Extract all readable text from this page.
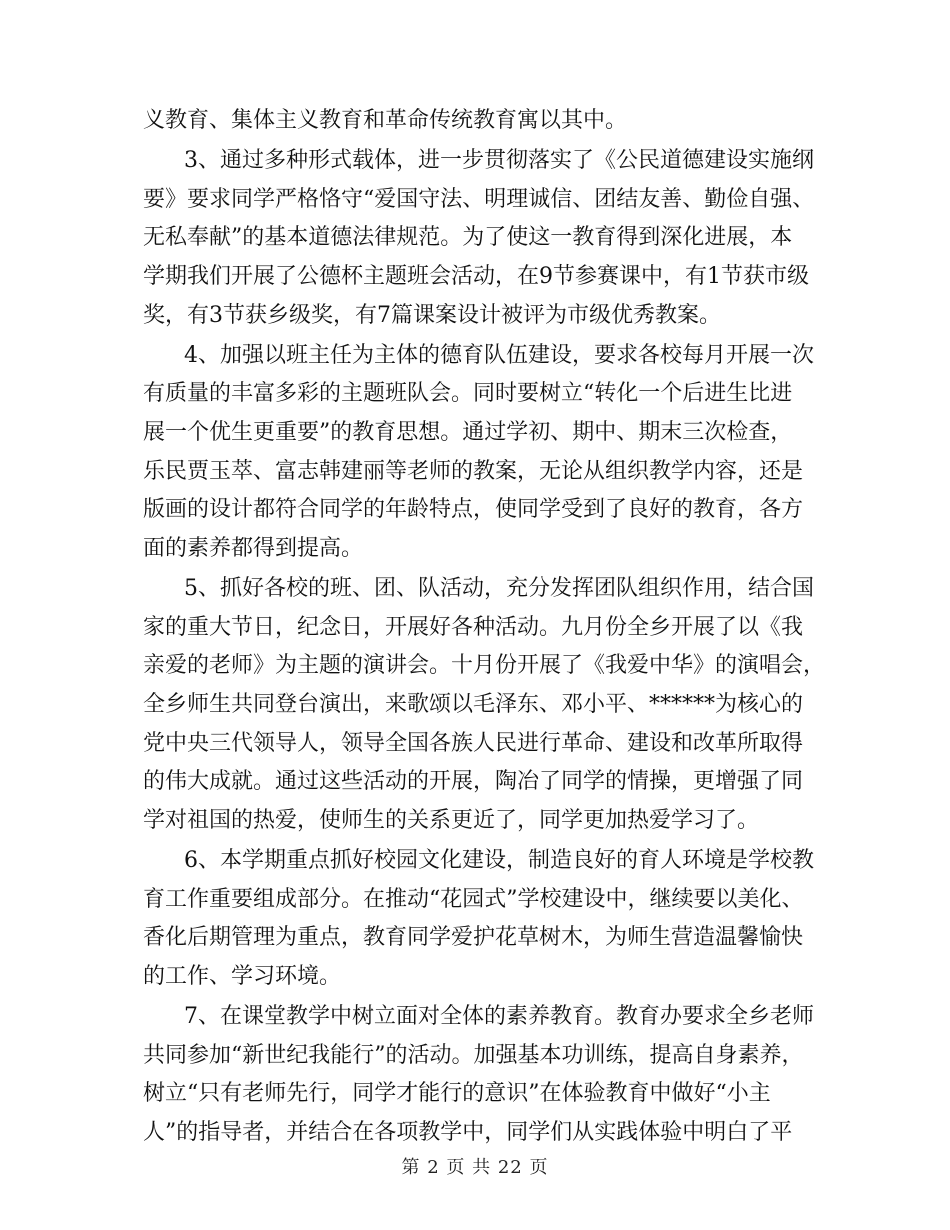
义教育、集体主义教育和革命传统教育寓以其中。
3、通过多种形式载体，进一步贯彻落实了《公民道德建设实施纲
要》要求同学严格恪守“爱国守法、明理诚信、团结友善、勤俭自强、
无私奉献”的基本道德法律规范。为了使这一教育得到深化进展，本
学期我们开展了公德杯主题班会活动，在9节参赛课中，有1节获市级
奖，有3节获乡级奖，有7篇课案设计被评为市级优秀教案。
4、加强以班主任为主体的德育队伍建设，要求各校每月开展一次
有质量的丰富多彩的主题班队会。同时要树立“转化一个后进生比进
展一个优生更重要”的教育思想。通过学初、期中、期末三次检查，
乐民贾玉萃、富志韩建丽等老师的教案，无论从组织教学内容，还是
版画的设计都符合同学的年龄特点，使同学受到了良好的教育，各方
面的素养都得到提高。
5、抓好各校的班、团、队活动，充分发挥团队组织作用，结合国
家的重大节日，纪念日，开展好各种活动。九月份全乡开展了以《我
亲爱的老师》为主题的演讲会。十月份开展了《我爱中华》的演唱会，
全乡师生共同登台演出，来歌颂以毛泽东、邓小平、******为核心的
党中央三代领导人，领导全国各族人民进行革命、建设和改革所取得
的伟大成就。通过这些活动的开展，陶冶了同学的情操，更增强了同
学对祖国的热爱，使师生的关系更近了，同学更加热爱学习了。
6、本学期重点抓好校园文化建设，制造良好的育人环境是学校教
育工作重要组成部分。在推动“花园式”学校建设中，继续要以美化、
香化后期管理为重点，教育同学爱护花草树木，为师生营造温馨愉快
的工作、学习环境。
7、在课堂教学中树立面对全体的素养教育。教育办要求全乡老师
共同参加“新世纪我能行”的活动。加强基本功训练，提高自身素养，
树立“只有老师先行，同学才能行的意识”在体验教育中做好“小主
第 2 页 共 22 页
人”的指导者，并结合在各项教学中，同学们从实践体验中明白了平
